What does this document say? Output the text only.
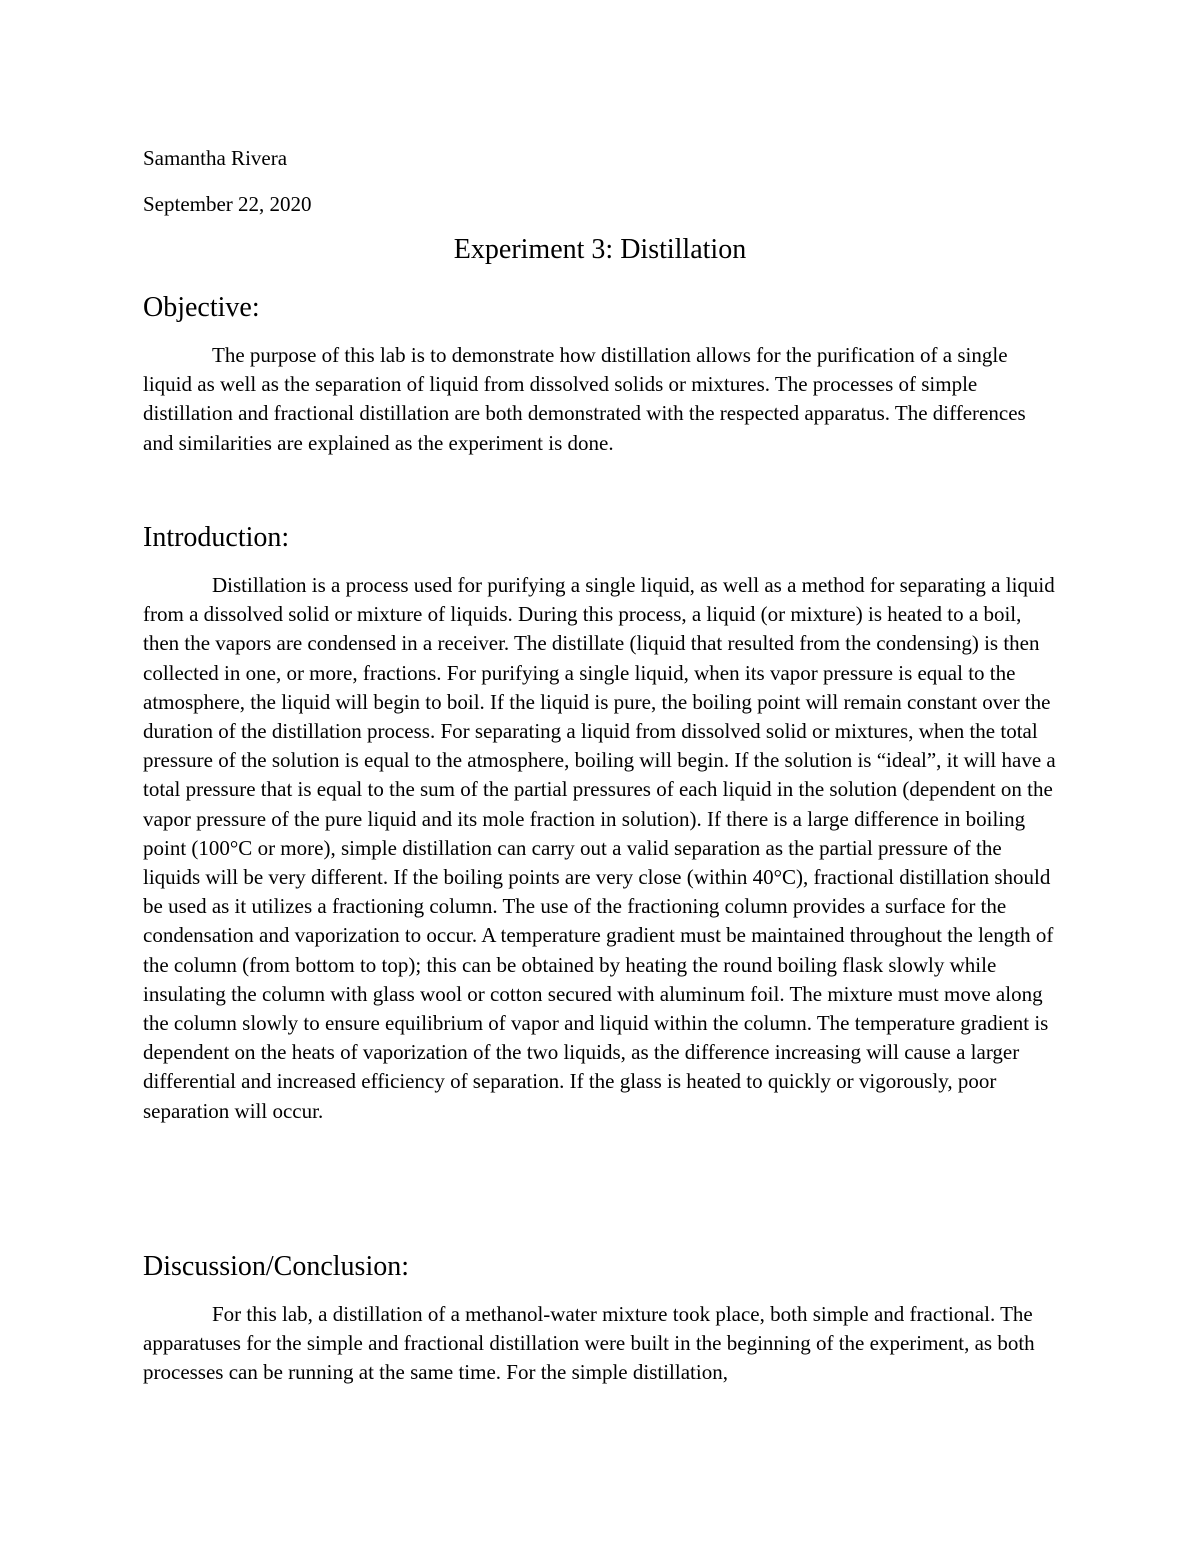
Samantha Rivera

September 22, 2020

Experiment 3: Distillation
Objective:

The purpose of this lab is to demonstrate how distillation allows for the purification of a single liquid as well as the separation of liquid from dissolved solids or mixtures. The processes of simple distillation and fractional distillation are both demonstrated with the respected apparatus. The differences and similarities are explained as the experiment is done.

Introduction:

Distillation is a process used for purifying a single liquid, as well as a method for separating a liquid from a dissolved solid or mixture of liquids. During this process, a liquid (or mixture) is heated to a boil, then the vapors are condensed in a receiver. The distillate (liquid that resulted from the condensing) is then collected in one, or more, fractions. For purifying a single liquid, when its vapor pressure is equal to the atmosphere, the liquid will begin to boil. If the liquid is pure, the boiling point will remain constant over the duration of the distillation process. For separating a liquid from dissolved solid or mixtures, when the total pressure of the solution is equal to the atmosphere, boiling will begin. If the solution is “ideal”, it will have a total pressure that is equal to the sum of the partial pressures of each liquid in the solution (dependent on the vapor pressure of the pure liquid and its mole fraction in solution). If there is a large difference in boiling point (100°C or more), simple distillation can carry out a valid separation as the partial pressure of the liquids will be very different. If the boiling points are very close (within 40°C), fractional distillation should be used as it utilizes a fractioning column. The use of the fractioning column provides a surface for the condensation and vaporization to occur. A temperature gradient must be maintained throughout the length of the column (from bottom to top); this can be obtained by heating the round boiling flask slowly while insulating the column with glass wool or cotton secured with aluminum foil. The mixture must move along the column slowly to ensure equilibrium of vapor and liquid within the column. The temperature gradient is dependent on the heats of vaporization of the two liquids, as the difference increasing will cause a larger differential and increased efficiency of separation. If the glass is heated to quickly or vigorously, poor separation will occur.

Discussion/Conclusion:

For this lab, a distillation of a methanol-water mixture took place, both simple and fractional. The apparatuses for the simple and fractional distillation were built in the beginning of the experiment, as both processes can be running at the same time. For the simple distillation,
